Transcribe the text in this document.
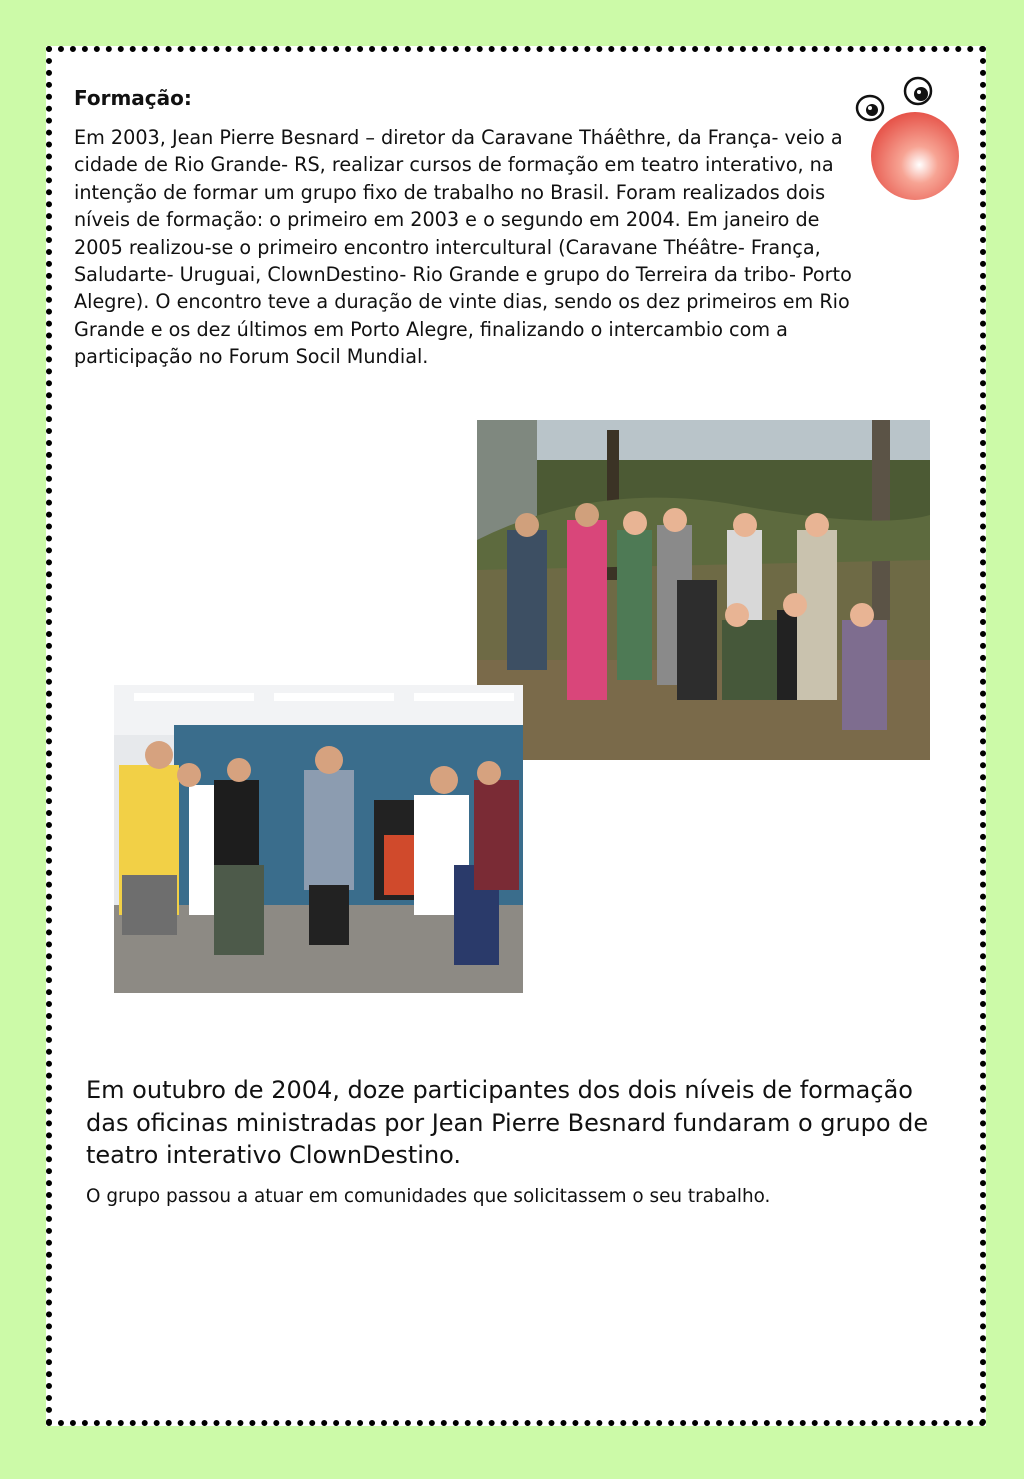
Formação:

Em 2003, Jean Pierre Besnard – diretor da Caravane Tháêthre, da França- veio a cidade de Rio Grande- RS, realizar cursos de formação em teatro interativo, na intenção de formar um grupo fixo de trabalho no Brasil. Foram realizados dois níveis de formação: o primeiro em 2003 e o segundo em 2004. Em janeiro de 2005 realizou-se o primeiro encontro intercultural (Caravane Théâtre- França, Saludarte- Uruguai, ClownDestino- Rio Grande e grupo do Terreira da tribo- Porto Alegre). O encontro teve a duração de vinte dias, sendo os dez primeiros em Rio Grande e os dez últimos em Porto Alegre, finalizando o intercambio com a participação no Forum Socil Mundial.

Em outubro de 2004, doze participantes dos dois níveis de formação das oficinas ministradas por Jean Pierre Besnard fundaram o grupo de teatro interativo ClownDestino.

O grupo passou a atuar em comunidades que solicitassem o seu trabalho.
